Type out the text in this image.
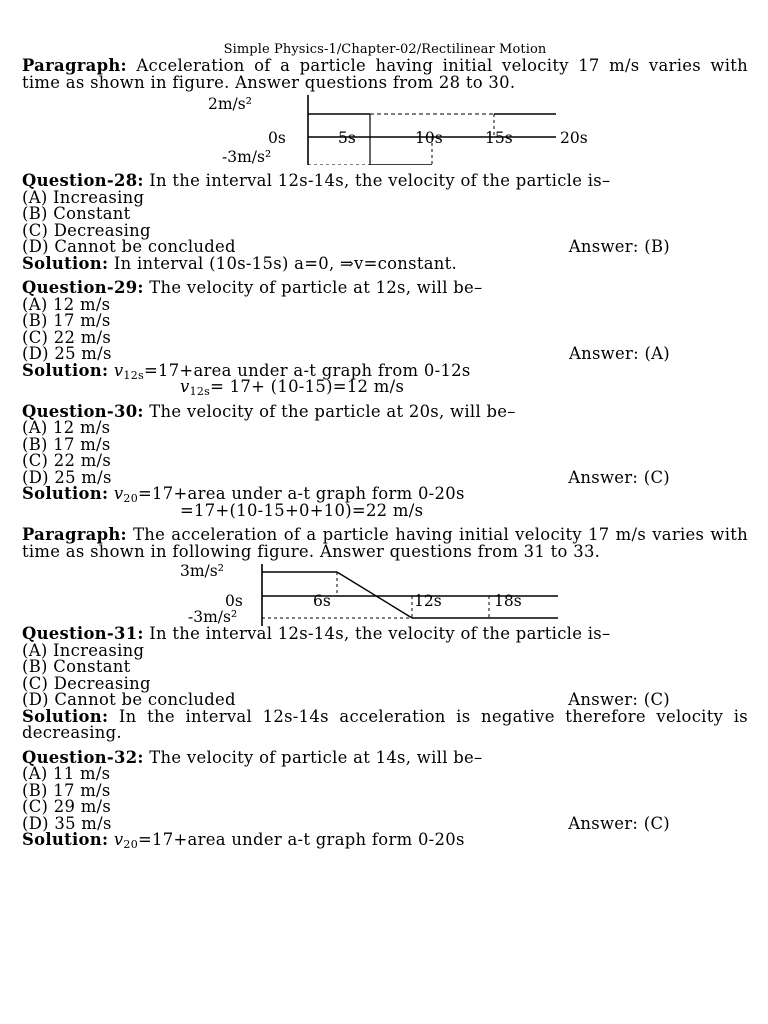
Simple Physics-1/Chapter-02/Rectilinear Motion
Paragraph: Acceleration of a particle having initial velocity 17 m/s varies with time as shown in figure. Answer questions from 28 to 30.
2m/s²
0s
-3m/s²
5s	10s	15s	20s
Question-28: In the interval 12s-14s, the velocity of the particle is–
(A) Increasing
(B) Constant
(C) Decreasing
(D) Cannot be concluded	Answer: (B)
Solution: In interval (10s-15s) a=0, ⇒v=constant.
Question-29: The velocity of particle at 12s, will be–
(A) 12 m/s
(B) 17 m/s
(C) 22 m/s
(D) 25 m/s	Answer: (A)
Solution: $v_{12s}=17+area$ under a-t graph from 0-12s
$v_{12s}= 17+ (10-15)=12$ m/s
Question-30: The velocity of the particle at 20s, will be–
(A) 12 m/s
(B) 17 m/s
(C) 22 m/s
(D) 25 m/s	Answer: (C)
Solution: $v_{20}=17+area$ under a-t graph form 0-20s
=17+(10-15+0+10)=22 m/s
Paragraph: The acceleration of a particle having initial velocity 17 m/s varies with time as shown in following figure. Answer questions from 31 to 33.
3m/s²
0s
-3m/s²
6s	12s	18s
Question-31: In the interval 12s-14s, the velocity of the particle is–
(A) Increasing
(B) Constant
(C) Decreasing
(D) Cannot be concluded	Answer: (C)
Solution: In the interval 12s-14s acceleration is negative therefore velocity is decreasing.
Question-32: The velocity of particle at 14s, will be–
(A) 11 m/s
(B) 17 m/s
(C) 29 m/s
(D) 35 m/s	Answer: (C)
Solution: $v_{20}=17+area$ under a-t graph form 0-20s
